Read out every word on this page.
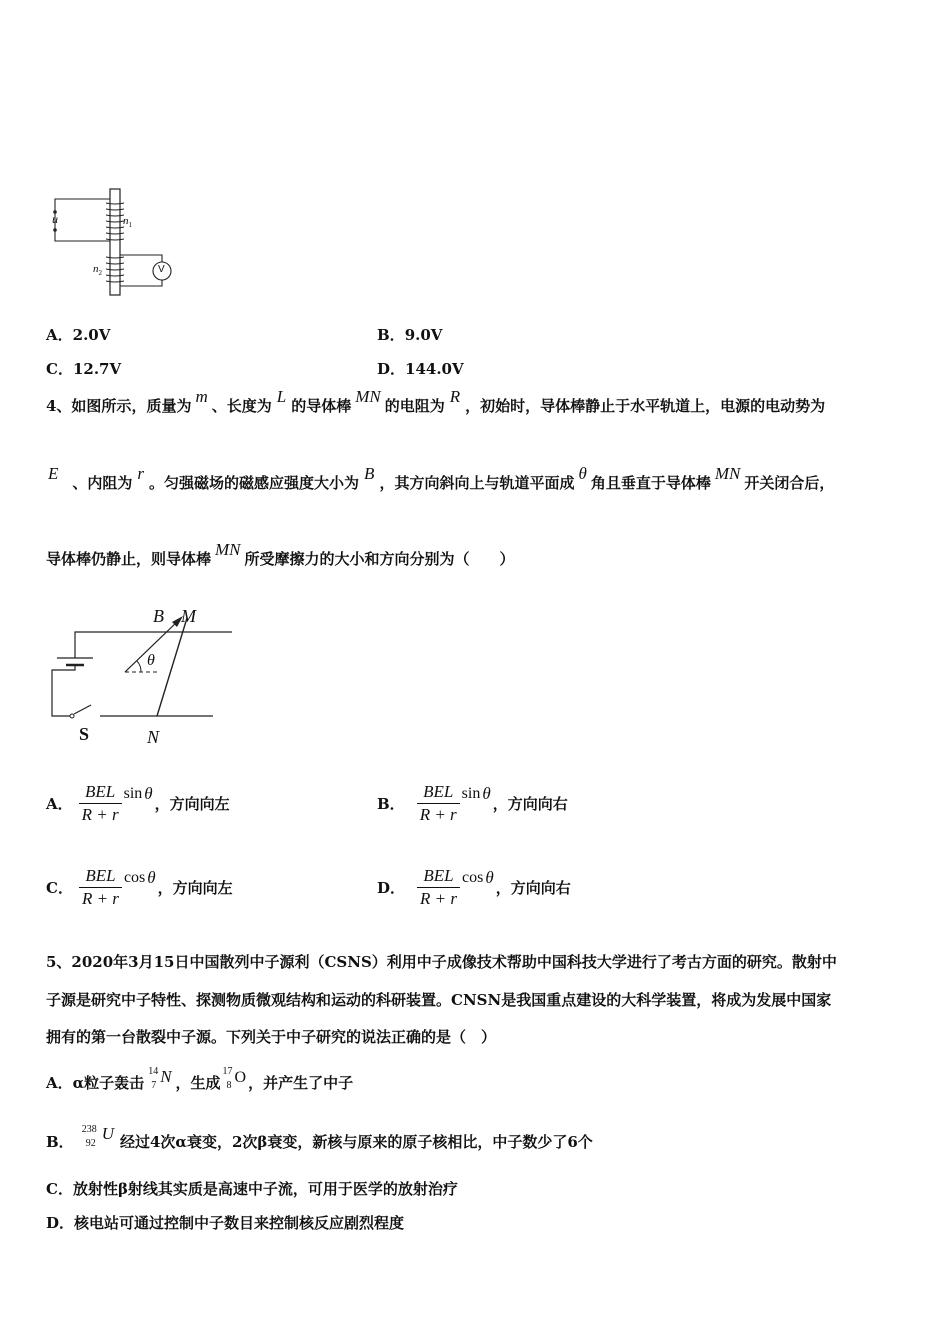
u	$n_1$
$n_2$	V
A．2.0V	B．9.0V
C．12.7V	D．144.0V
4、如图所示，质量为 m 、长度为 L 的导体棒 MN 的电阻为 R ，初始时，导体棒静止于水平轨道上，电源的电动势为
E 、内阻为 r 。匀强磁场的磁感应强度大小为 B ，其方向斜向上与轨道平面成 θ 角且垂直于导体棒 MN 开关闭合后，
导体棒仍静止，则导体棒 MN 所受摩擦力的大小和方向分别为（　　）
B M
θ
S	N
A． $\frac{\text{BEL}}{R + r}$ sin θ，方向向左	B． $\frac{\text{BEL}}{R + r}$ sin θ，方向向右
C． $\frac{\text{BEL}}{R + r}$ cos θ，方向向左	D． $\frac{\text{BEL}}{R + r}$ cos θ，方向向右
5、2020年3月15日中国散列中子源利（CSNS）利用中子成像技术帮助中国科技大学进行了考古方面的研究。散射中
子源是研究中子特性、探测物质微观结构和运动的科研装置。CNSN是我国重点建设的大科学装置，将成为发展中国家
拥有的第一台散裂中子源。下列关于中子研究的说法正确的是（　）
A．α粒子轰击
14
7 N ，生成
17
8 O ，并产生了中子
B．
238
92
U 经过4次α衰变，2次β衰变，新核与原来的原子核相比，中子数少了6个
C．放射性β射线其实质是高速中子流，可用于医学的放射治疗
D．核电站可通过控制中子数目来控制核反应剧烈程度
